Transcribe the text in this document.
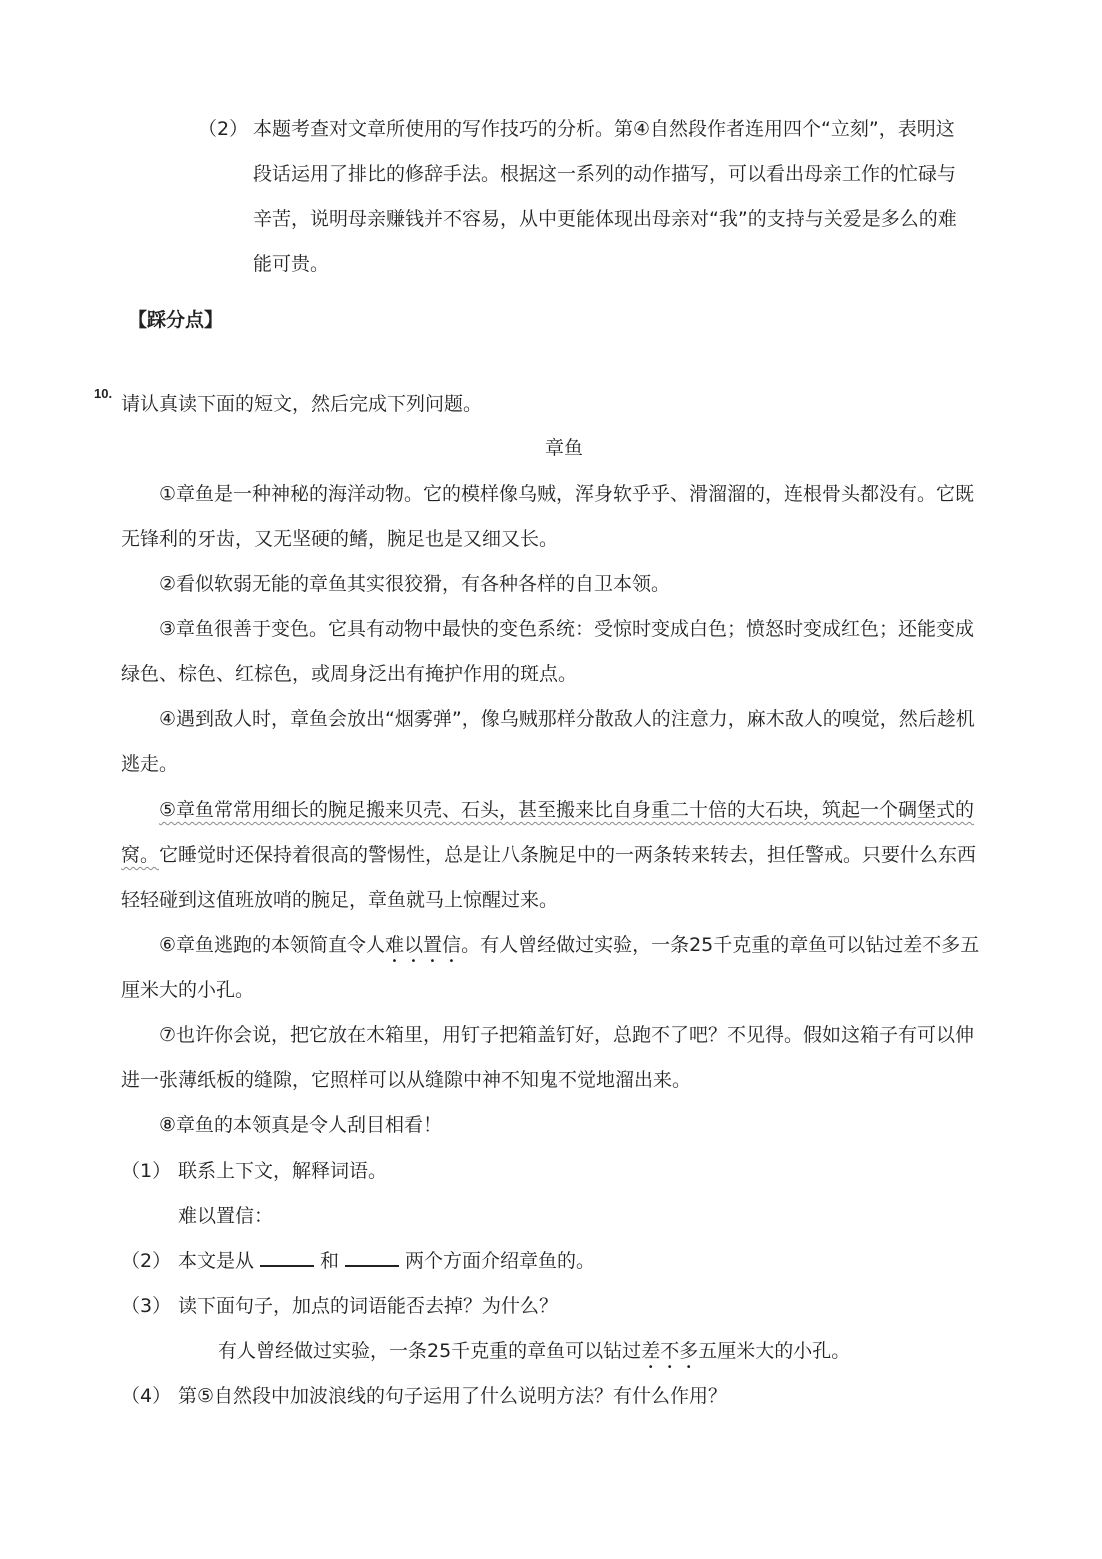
（2） 本题考查对文章所使用的写作技巧的分析。第④自然段作者连用四个“立刻”，表明这
段话运用了排比的修辞手法。根据这一系列的动作描写，可以看出母亲工作的忙碌与
辛苦，说明母亲赚钱并不容易，从中更能体现出母亲对“我”的支持与关爱是多么的难
能可贵。
【踩分点】
10. 请认真读下面的短文，然后完成下列问题。
章鱼
①章鱼是一种神秘的海洋动物。它的模样像乌贼，浑身软乎乎、滑溜溜的，连根骨头都没有。它既
无锋利的牙齿，又无坚硬的鳍，腕足也是又细又长。
②看似软弱无能的章鱼其实很狡猾，有各种各样的自卫本领。
③章鱼很善于变色。它具有动物中最快的变色系统：受惊时变成白色；愤怒时变成红色；还能变成
绿色、棕色、红棕色，或周身泛出有掩护作用的斑点。
④遇到敌人时，章鱼会放出“烟雾弹”，像乌贼那样分散敌人的注意力，麻木敌人的嗅觉，然后趁机
逃走。
⑤章鱼常常用细长的腕足搬来贝壳、石头，甚至搬来比自身重二十倍的大石块，筑起一个碉堡式的
窝。它睡觉时还保持着很高的警惕性，总是让八条腕足中的一两条转来转去，担任警戒。只要什么东西
轻轻碰到这值班放哨的腕足，章鱼就马上惊醒过来。
⑥章鱼逃跑的本领简直令人难以置信。有人曾经做过实验，一条25千克重的章鱼可以钻过差不多五
厘米大的小孔。
⑦也许你会说，把它放在木箱里，用钉子把箱盖钉好，总跑不了吧？不见得。假如这箱子有可以伸
进一张薄纸板的缝隙，它照样可以从缝隙中神不知鬼不觉地溜出来。
⑧章鱼的本领真是令人刮目相看！
（1） 联系上下文，解释词语。
难以置信：
（2） 本文是从	和	两个方面介绍章鱼的。
（3） 读下面句子，加点的词语能否去掉？为什么？
有人曾经做过实验，一条25千克重的章鱼可以钻过差不多五厘米大的小孔。
（4） 第⑤自然段中加波浪线的句子运用了什么说明方法？有什么作用？
